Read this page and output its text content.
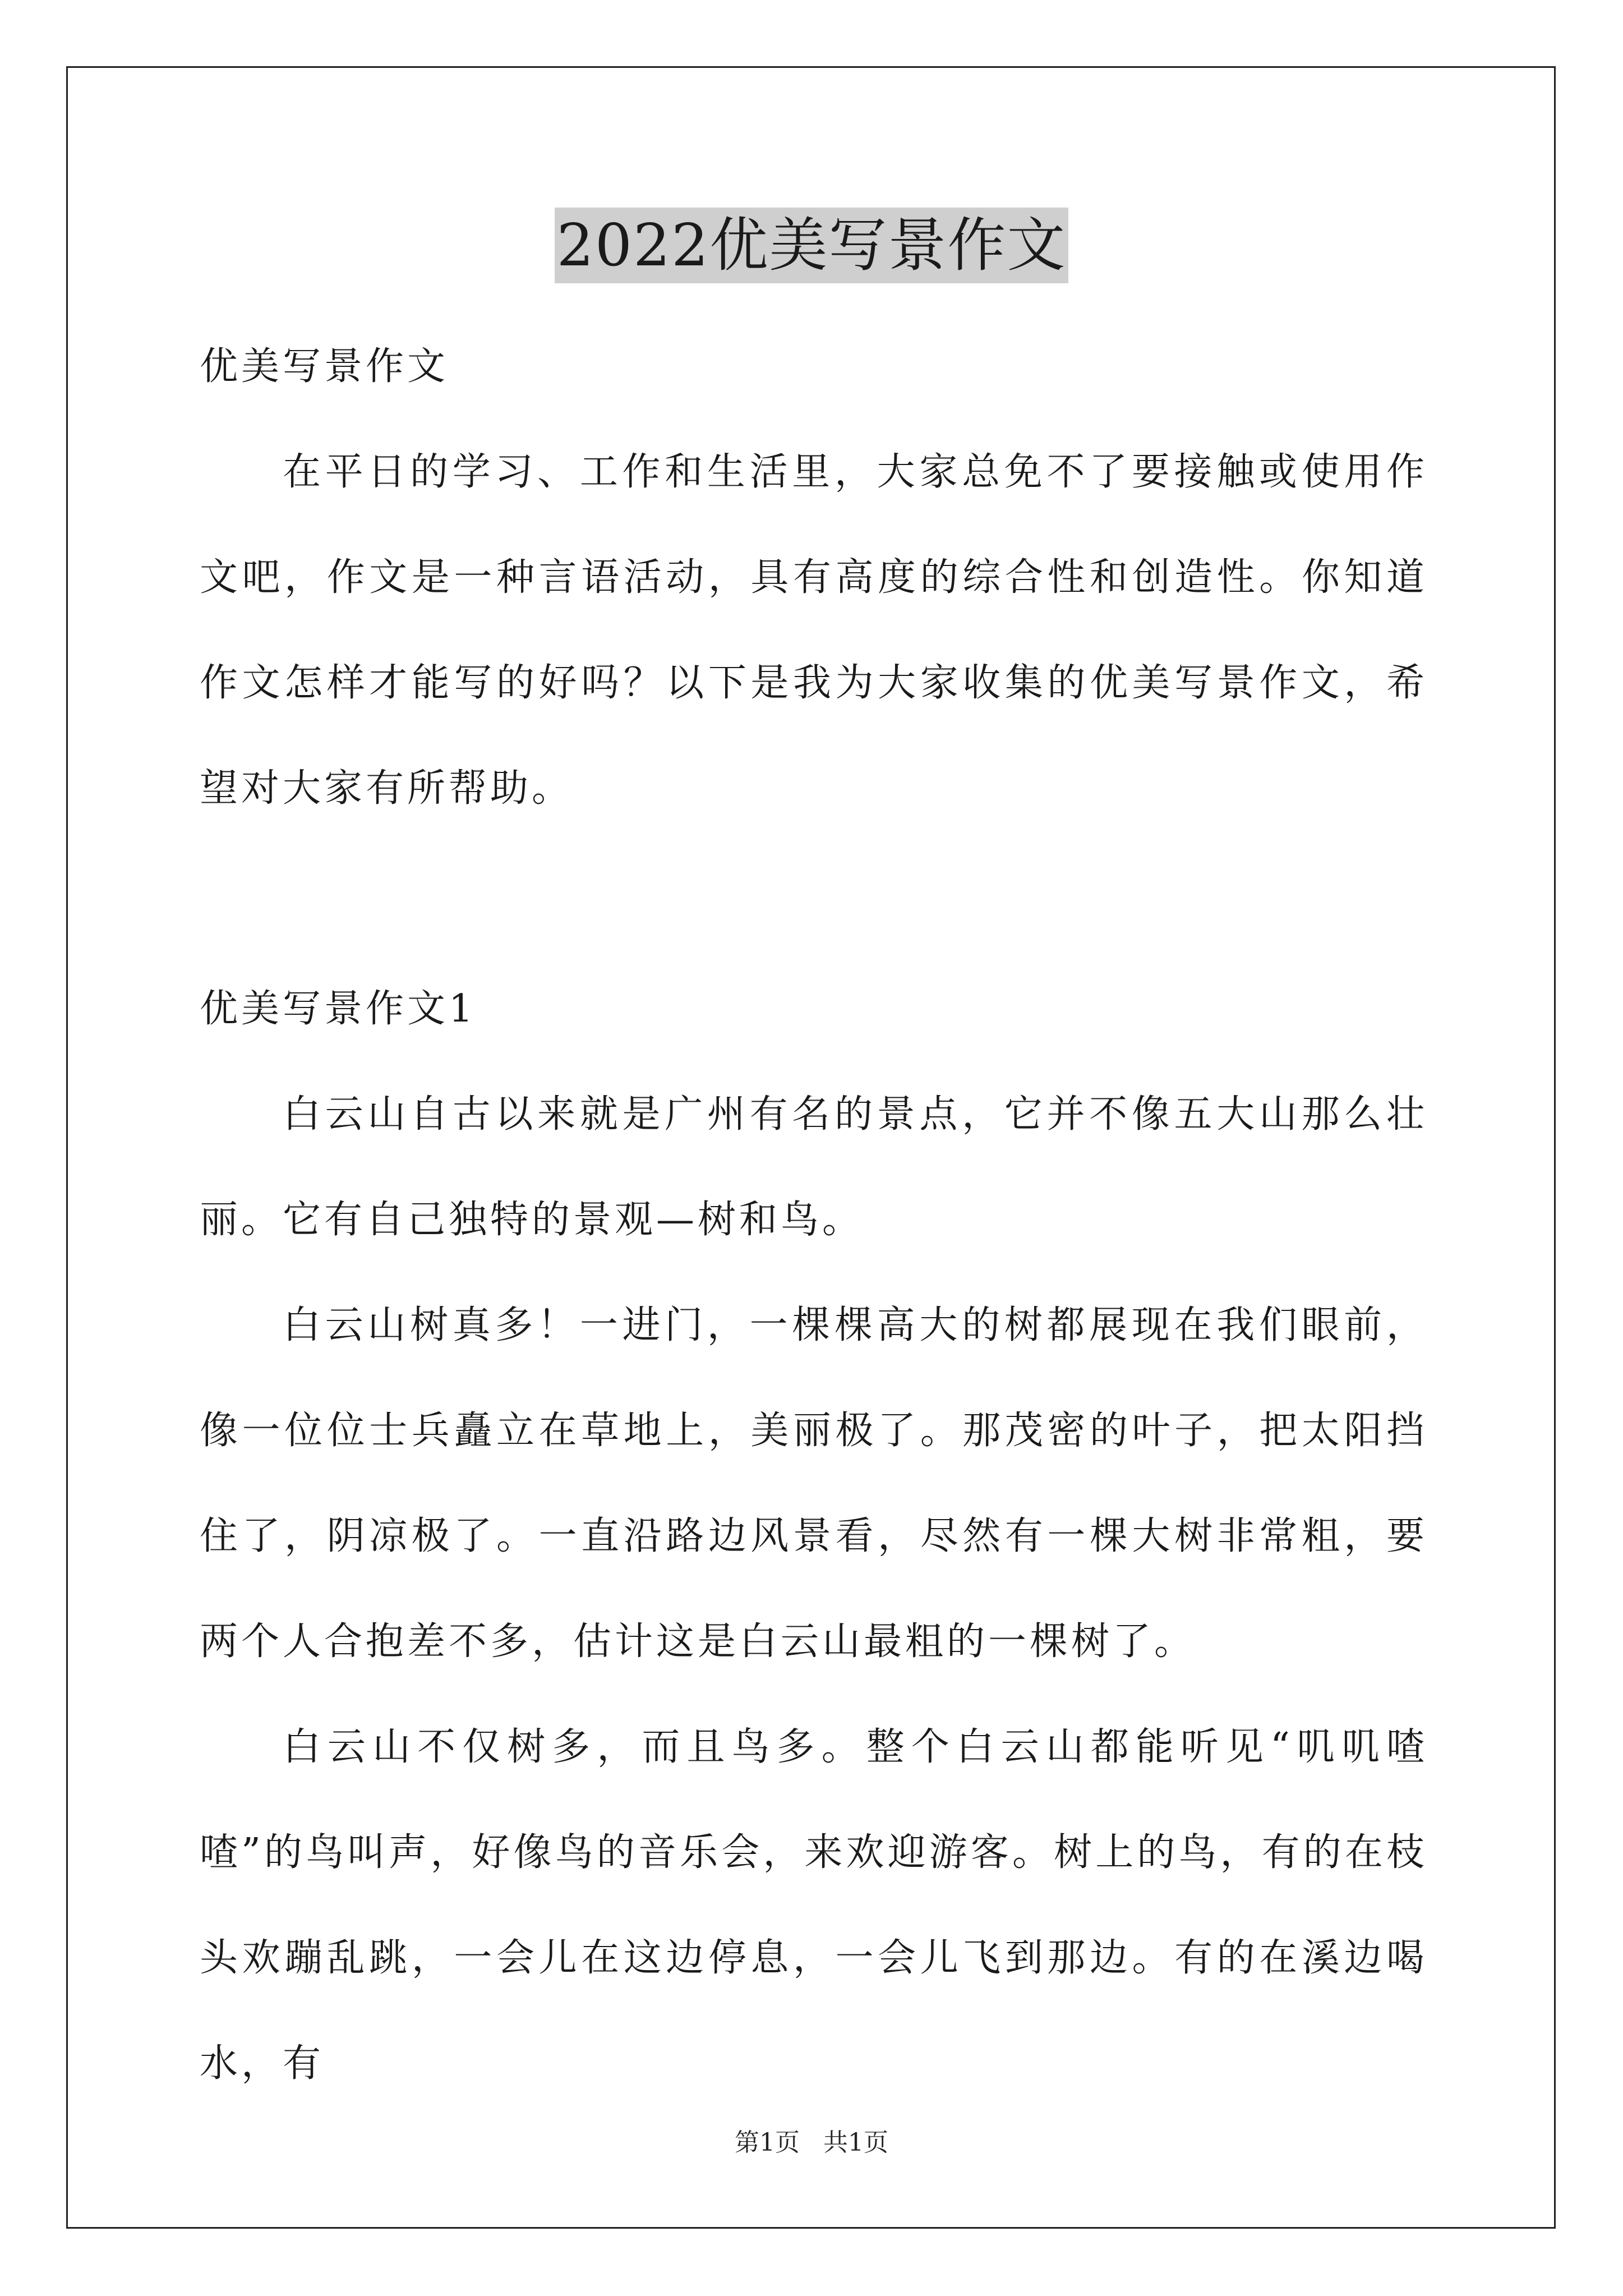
2022优美写景作文

优美写景作文

在平日的学习、工作和生活里，大家总免不了要接触或使用作文吧，作文是一种言语活动，具有高度的综合性和创造性。你知道作文怎样才能写的好吗？以下是我为大家收集的优美写景作文，希望对大家有所帮助。

优美写景作文1

白云山自古以来就是广州有名的景点，它并不像五大山那么壮丽。它有自己独特的景观—树和鸟。

白云山树真多！一进门，一棵棵高大的树都展现在我们眼前，像一位位士兵矗立在草地上，美丽极了。那茂密的叶子，把太阳挡住了，阴凉极了。一直沿路边风景看，尽然有一棵大树非常粗，要两个人合抱差不多，估计这是白云山最粗的一棵树了。

白云山不仅树多，而且鸟多。整个白云山都能听见“叽叽喳喳”的鸟叫声，好像鸟的音乐会，来欢迎游客。树上的鸟，有的在枝头欢蹦乱跳，一会儿在这边停息，一会儿飞到那边。有的在溪边喝水，有

第1页 共1页
